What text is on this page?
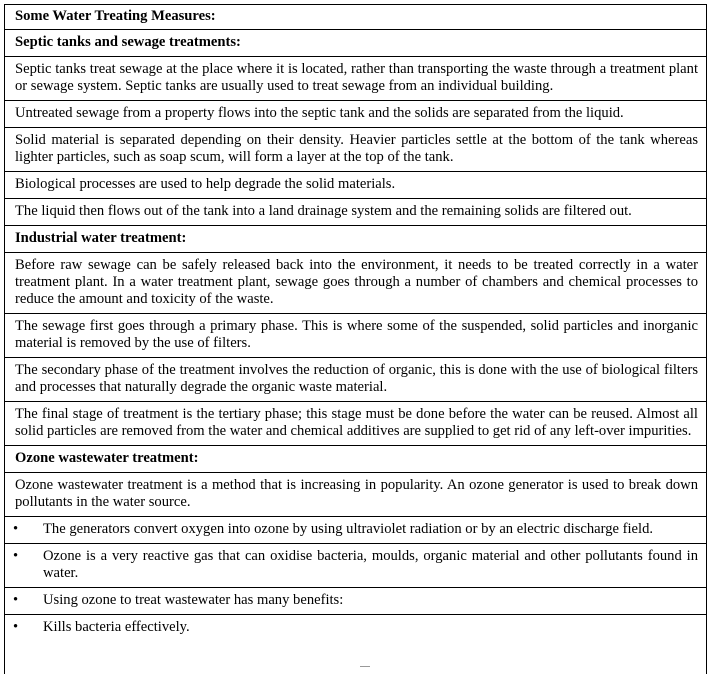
Some Water Treating Measures:
Septic tanks and sewage treatments:

Septic tanks treat sewage at the place where it is located, rather than transporting the waste through a treatment plant or sewage system. Septic tanks are usually used to treat sewage from an individual building.

Untreated sewage from a property flows into the septic tank and the solids are separated from the liquid.

Solid material is separated depending on their density. Heavier particles settle at the bottom of the tank whereas lighter particles, such as soap scum, will form a layer at the top of the tank.

Biological processes are used to help degrade the solid materials.

The liquid then flows out of the tank into a land drainage system and the remaining solids are filtered out.

Industrial water treatment:

Before raw sewage can be safely released back into the environment, it needs to be treated correctly in a water treatment plant. In a water treatment plant, sewage goes through a number of chambers and chemical processes to reduce the amount and toxicity of the waste.

The sewage first goes through a primary phase. This is where some of the suspended, solid particles and inorganic material is removed by the use of filters.

The secondary phase of the treatment involves the reduction of organic, this is done with the use of biological filters and processes that naturally degrade the organic waste material.

The final stage of treatment is the tertiary phase; this stage must be done before the water can be reused. Almost all solid particles are removed from the water and chemical additives are supplied to get rid of any left-over impurities.

Ozone wastewater treatment:

Ozone wastewater treatment is a method that is increasing in popularity. An ozone generator is used to break down pollutants in the water source.

•	The generators convert oxygen into ozone by using ultraviolet radiation or by an electric discharge field.
•	Ozone is a very reactive gas that can oxidise bacteria, moulds, organic material and other pollutants found in water.
•	Using ozone to treat wastewater has many benefits:
•	Kills bacteria effectively.
